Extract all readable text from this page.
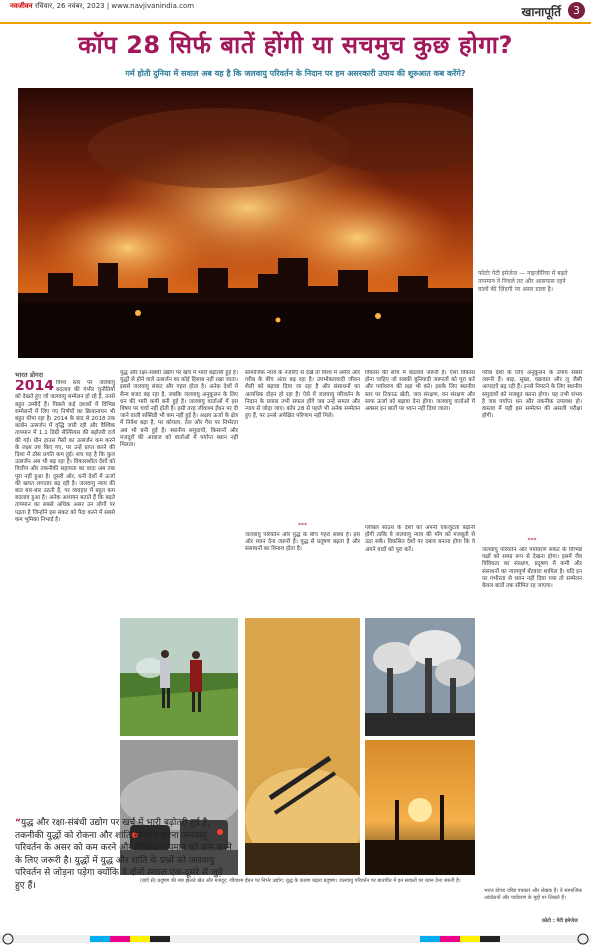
नवजीवन रविवार, 26 नवंबर, 2023 | www.navjivanindia.com	खानापूर्ति	3
कॉप 28 सिर्फ बातें होंगी या सचमुच कुछ होगा?
गर्म होती दुनिया में सवाल अब यह है कि जलवायु परिवर्तन के निदान पर हम असरकारी उपाय की शुरुआत कब करेंगे?
फोटोः गेटी इमेजेज — नाइजीरिया में बढ़ते तापमान ने निचले तट और आसपास रहने वालों की ज़िंदगी पर असर डाला है।
भारत डोगरा
2014 विश्व स्तर पर जलवायु बदलाव की गंभीर चुनौतियों को देखते हुए जो जलवायु सम्मेलन हो रहे हैं, उनसे बहुत उम्मीदें हैं। पिछले कई दशकों में विभिन्न सम्मेलनों में लिए गए निर्णयों का क्रियान्वयन भी बहुत धीमा रहा है। 2014 के बाद से 2018 तक कार्बन उत्सर्जन में वृद्धि जारी रही और वैश्विक तापमान में 1.1 डिग्री सेल्सियस की बढ़ोतरी दर्ज की गई। ग्रीन हाउस गैसों का उत्सर्जन कम करने के लक्ष्य तय किए गए, पर उन्हें प्राप्त करने की दिशा में ठोस प्रगति कम हुई। सच यह है कि कुल उत्सर्जन अब भी बढ़ रहा है। विकासशील देशों को वित्तीय और तकनीकी सहायता का वादा अब तक पूरा नहीं हुआ है। दूसरी ओर, धनी देशों में ऊर्जा की खपत लगातार बढ़ रही है। जलवायु न्याय की बात बार-बार उठती है, पर व्यवहार में बहुत कम बदलाव हुआ है। अनेक अध्ययन बताते हैं कि बढ़ते तापमान का सबसे अधिक असर उन लोगों पर पड़ता है जिन्होंने इस संकट को पैदा करने में सबसे कम भूमिका निभाई है।
युद्ध और रक्षा-संबंधी उद्योग पर खर्च में भारी बढ़ोतरी हुई है। युद्धों से होने वाले उत्सर्जन का कोई हिसाब नहीं रखा जाता। इससे जलवायु संकट और गहरा होता है। अनेक देशों में सैन्य बजट बढ़ रहा है, जबकि जलवायु अनुकूलन के लिए धन की भारी कमी बनी हुई है। जलवायु वार्ताओं में इस विषय पर चर्चा नहीं होती है। इसी तरह जीवाश्म ईंधन पर दी जाने वाली सब्सिडी भी कम नहीं हुई है। अक्षय ऊर्जा के क्षेत्र में निवेश बढ़ा है, पर कोयला, तेल और गैस पर निर्भरता अब भी बनी हुई है। स्थानीय समुदायों, किसानों और मजदूरों की आवाज को वार्ताओं में पर्याप्त स्थान नहीं मिलता।
सामाजिक न्याय के नजरिए से देखें तो विश्व में अमीर और गरीब के बीच अंतर बढ़ रहा है। उपभोक्तावादी जीवन शैली को बढ़ावा दिया जा रहा है और संसाधनों का अत्यधिक दोहन हो रहा है। ऐसे में जलवायु परिवर्तन के निदान के प्रयास तभी सफल होंगे जब उन्हें समता और न्याय से जोड़ा जाए। कॉप 28 से पहले भी अनेक सम्मेलन हुए हैं, पर उनसे अपेक्षित परिणाम नहीं मिले।
***
जलवायु परिवर्तन और युद्ध के बीच गहरा संबंध है। इस ओर ध्यान देना जरूरी है। युद्ध से प्रदूषण बढ़ता है और संसाधनों का विनाश होता है।
विकास की सोच में बदलाव जरूरी है। ऐसा विकास होना चाहिए जो सबकी बुनियादी जरूरतों को पूरा करे और पर्यावरण की रक्षा भी करे। इसके लिए स्थानीय स्तर पर टिकाऊ खेती, जल संरक्षण, वन संरक्षण और साफ ऊर्जा को बढ़ावा देना होगा। जलवायु वार्ताओं में अक्सर इन बातों पर ध्यान नहीं दिया जाता।
ग्लोबल साउथ के देशों को अपनी एकजुटता बढ़ानी होगी ताकि वे जलवायु न्याय की माँग को मजबूती से उठा सकें। विकसित देशों पर दबाव बनाना होगा कि वे अपने वादों को पूरा करें।
गरीब देशों के लिए अनुकूलन के उपाय सबसे जरूरी हैं। बाढ़, सूखा, चक्रवात और लू जैसी आपदाएँ बढ़ रही हैं। इनसे निपटने के लिए स्थानीय समुदायों को मजबूत करना होगा। यह तभी संभव है जब पर्याप्त धन और तकनीक उपलब्ध हो। वास्तव में यही इस सम्मेलन की असली परीक्षा होगी।
***
जलवायु परिवर्तन और पर्यावरण संकट के विभिन्न पक्षों को समग्र रूप से देखना होगा। इसमें जैव विविधता का संरक्षण, प्रदूषण में कमी और संसाधनों का न्यायपूर्ण बँटवारा शामिल है। यदि इन पर गंभीरता से ध्यान नहीं दिया गया तो सम्मेलन केवल बातों तक सीमित रह जाएगा।
“युद्ध और रक्षा-संबंधी उद्योग पर खर्च में भारी बढ़ोतरी हुई है, तकनीकी युद्धों को रोकना और शांति स्थापित करना जलवायु परिवर्तन के असर को कम करने और वैश्विक तापमान को कम करने के लिए जरूरी है। युद्धों में युद्ध और शांति के प्रश्नों को जलवायु परिवर्तन से जोड़ना पड़ेगा क्योंकि ये दोनों सवाल एक-दूसरे से जुड़े हुए हैं।	(बाएँ से) प्रदूषण की मार झेलते खेत और मजदूर; जीवाश्म ईंधन पर निर्भर उद्योग; युद्ध के कारण बढ़ता प्रदूषण। जलवायु परिवर्तन पर बातचीत में इन सवालों पर ध्यान देना जरूरी है।
भारत डोगरा वरिष्ठ पत्रकार और लेखक हैं। वे सामाजिक आंदोलनों और पर्यावरण के मुद्दों पर लिखते हैं।
फ़ोटो : गेटी इमेजेज
